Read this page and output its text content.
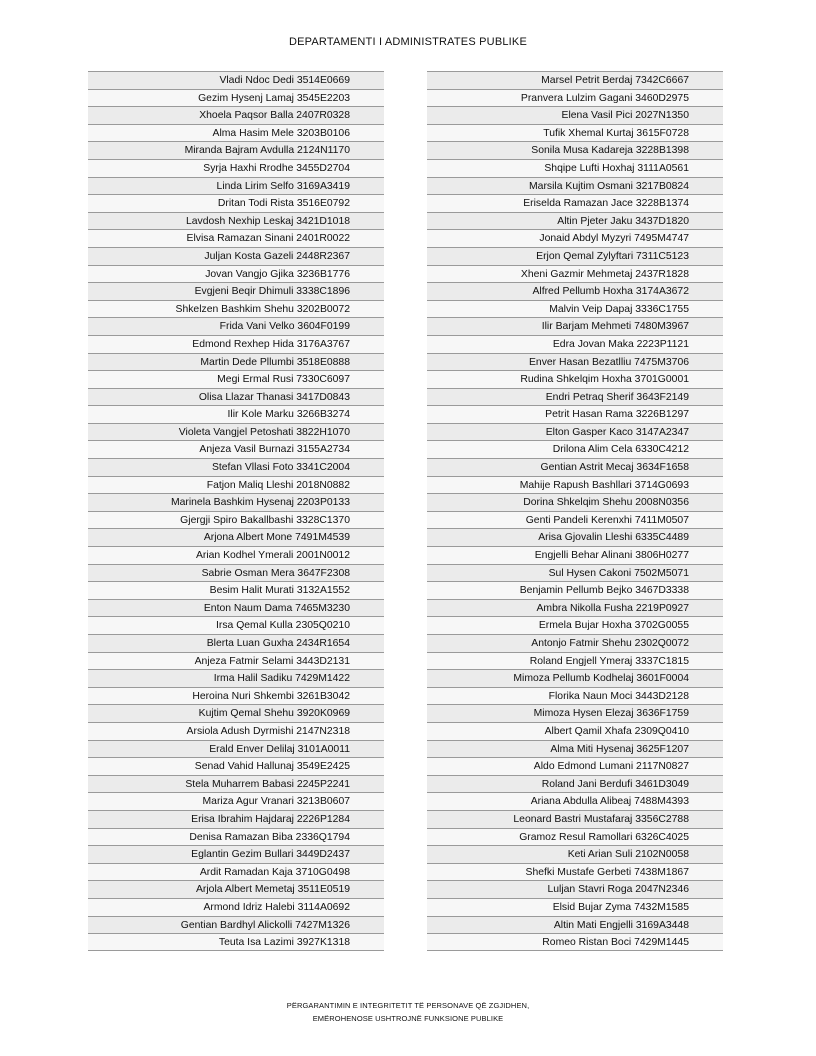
DEPARTAMENTI I ADMINISTRATES PUBLIKE
Vladi Ndoc Dedi 3514E0669
Gezim Hysenj Lamaj 3545E2203
Xhoela Paqsor Balla 2407R0328
Alma Hasim Mele 3203B0106
Miranda Bajram Avdulla 2124N1170
Syrja Haxhi Rrodhe 3455D2704
Linda Lirim Selfo 3169A3419
Dritan Todi Rista 3516E0792
Lavdosh Nexhip Leskaj 3421D1018
Elvisa Ramazan Sinani 2401R0022
Juljan Kosta Gazeli 2448R2367
Jovan Vangjo Gjika 3236B1776
Evgjeni Beqir Dhimuli 3338C1896
Shkelzen Bashkim Shehu 3202B0072
Frida Vani Velko 3604F0199
Edmond Rexhep Hida 3176A3767
Martin Dede Pllumbi 3518E0888
Megi Ermal Rusi 7330C6097
Olisa Llazar Thanasi 3417D0843
Ilir Kole Marku 3266B3274
Violeta Vangjel Petoshati 3822H1070
Anjeza Vasil Burnazi 3155A2734
Stefan Vllasi Foto 3341C2004
Fatjon Maliq Lleshi 2018N0882
Marinela Bashkim Hysenaj 2203P0133
Gjergji Spiro Bakallbashi 3328C1370
Arjona Albert Mone 7491M4539
Arian Kodhel Ymerali 2001N0012
Sabrie Osman Mera 3647F2308
Besim Halit Murati 3132A1552
Enton Naum Dama 7465M3230
Irsa Qemal Kulla 2305Q0210
Blerta Luan Guxha 2434R1654
Anjeza Fatmir Selami 3443D2131
Irma Halil Sadiku 7429M1422
Heroina Nuri Shkembi 3261B3042
Kujtim Qemal Shehu 3920K0969
Arsiola Adush Dyrmishi 2147N2318
Erald Enver Delilaj 3101A0011
Senad Vahid Hallunaj 3549E2425
Stela Muharrem Babasi 2245P2241
Mariza Agur Vranari 3213B0607
Erisa Ibrahim Hajdaraj 2226P1284
Denisa Ramazan Biba 2336Q1794
Eglantin Gezim Bullari 3449D2437
Ardit Ramadan Kaja 3710G0498
Arjola Albert Memetaj 3511E0519
Armond Idriz Halebi 3114A0692
Gentian Bardhyl Alickolli 7427M1326
Teuta Isa Lazimi 3927K1318
Marsel Petrit Berdaj 7342C6667
Pranvera Lulzim Gagani 3460D2975
Elena Vasil Pici 2027N1350
Tufik Xhemal Kurtaj 3615F0728
Sonila Musa Kadareja 3228B1398
Shqipe Lufti Hoxhaj 3111A0561
Marsila Kujtim Osmani 3217B0824
Eriselda Ramazan Jace 3228B1374
Altin Pjeter Jaku 3437D1820
Jonaid Abdyl Myzyri 7495M4747
Erjon Qemal Zylyftari 7311C5123
Xheni Gazmir Mehmetaj 2437R1828
Alfred Pellumb Hoxha 3174A3672
Malvin Veip Dapaj 3336C1755
Ilir Barjam Mehmeti 7480M3967
Edra Jovan Maka 2223P1121
Enver Hasan Bezatlliu 7475M3706
Rudina Shkelqim Hoxha 3701G0001
Endri Petraq Sherif 3643F2149
Petrit Hasan Rama 3226B1297
Elton Gasper Kaco 3147A2347
Drilona Alim Cela 6330C4212
Gentian Astrit Mecaj 3634F1658
Mahije Rapush Bashllari 3714G0693
Dorina Shkelqim Shehu 2008N0356
Genti Pandeli Kerenxhi 7411M0507
Arisa Gjovalin Lleshi 6335C4489
Engjelli Behar Alinani 3806H0277
Sul Hysen Cakoni 7502M5071
Benjamin Pellumb Bejko 3467D3338
Ambra Nikolla Fusha 2219P0927
Ermela Bujar Hoxha 3702G0055
Antonjo Fatmir Shehu 2302Q0072
Roland Engjell Ymeraj 3337C1815
Mimoza Pellumb Kodhelaj 3601F0004
Florika Naun Moci 3443D2128
Mimoza Hysen Elezaj 3636F1759
Albert Qamil Xhafa 2309Q0410
Alma Miti Hysenaj 3625F1207
Aldo Edmond Lumani 2117N0827
Roland Jani Berdufi 3461D3049
Ariana Abdulla Alibeaj 7488M4393
Leonard Bastri Mustafaraj 3356C2788
Gramoz Resul Ramollari 6326C4025
Keti Arian Suli 2102N0058
Shefki Mustafe Gerbeti 7438M1867
Luljan Stavri Roga 2047N2346
Elsid Bujar Zyma 7432M1585
Altin Mati Engjelli 3169A3448
Romeo Ristan Boci 7429M1445
PËRGARANTIMIN E INTEGRITETIT TË PERSONAVE QË ZGJIDHEN,
EMËROHENOSE USHTROJNË FUNKSIONE PUBLIKE
